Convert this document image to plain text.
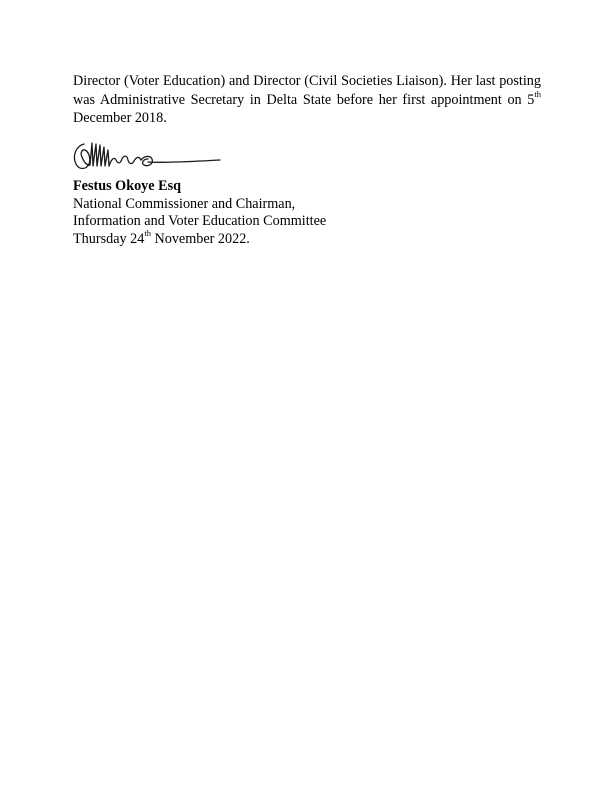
Director (Voter Education) and Director (Civil Societies Liaison). Her last posting
was Administrative Secretary in Delta State before her first appointment on 5th
December 2018.
Festus Okoye Esq
National Commissioner and Chairman,
Information and Voter Education Committee
Thursday 24th November 2022.
